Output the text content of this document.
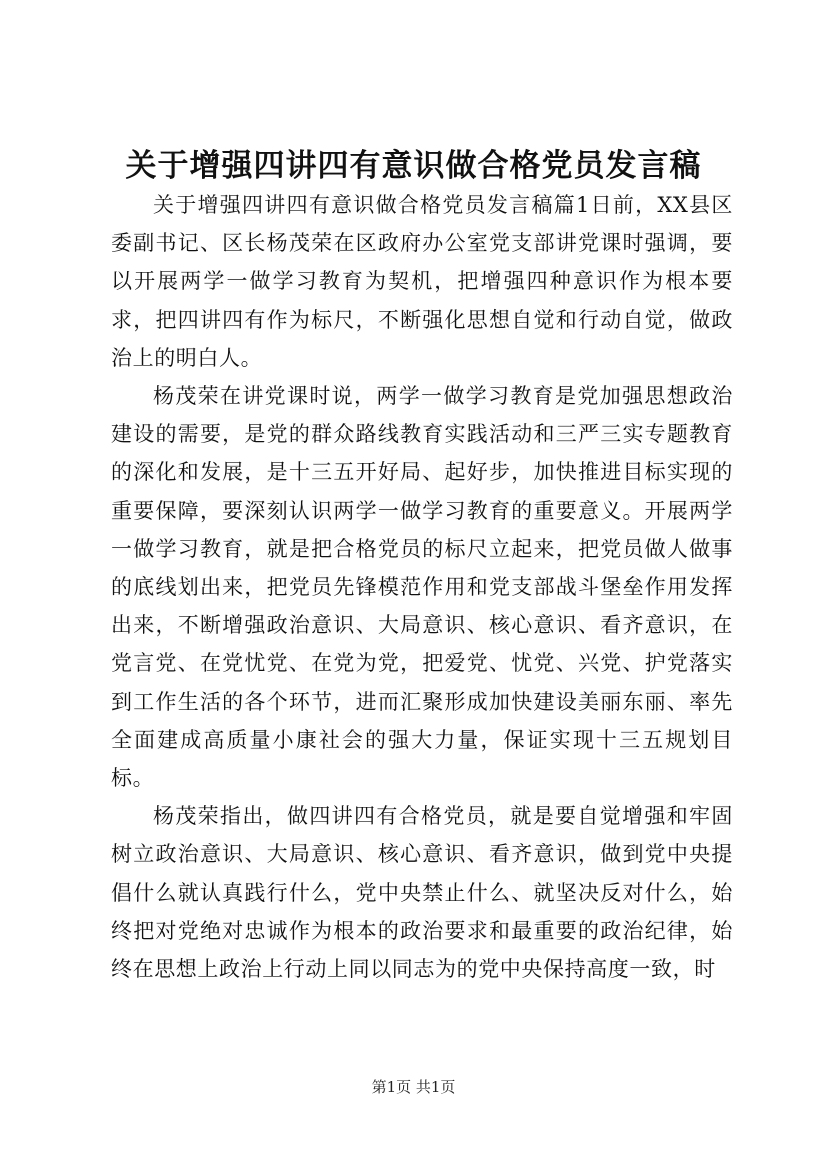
关于增强四讲四有意识做合格党员发言稿

关于增强四讲四有意识做合格党员发言稿篇1日前，XX县区委副书记、区长杨茂荣在区政府办公室党支部讲党课时强调，要以开展两学一做学习教育为契机，把增强四种意识作为根本要求，把四讲四有作为标尺，不断强化思想自觉和行动自觉，做政治上的明白人。

杨茂荣在讲党课时说，两学一做学习教育是党加强思想政治建设的需要，是党的群众路线教育实践活动和三严三实专题教育的深化和发展，是十三五开好局、起好步，加快推进目标实现的重要保障，要深刻认识两学一做学习教育的重要意义。开展两学一做学习教育，就是把合格党员的标尺立起来，把党员做人做事的底线划出来，把党员先锋模范作用和党支部战斗堡垒作用发挥出来，不断增强政治意识、大局意识、核心意识、看齐意识，在党言党、在党忧党、在党为党，把爱党、忧党、兴党、护党落实到工作生活的各个环节，进而汇聚形成加快建设美丽东丽、率先全面建成高质量小康社会的强大力量，保证实现十三五规划目标。

杨茂荣指出，做四讲四有合格党员，就是要自觉增强和牢固树立政治意识、大局意识、核心意识、看齐意识，做到党中央提倡什么就认真践行什么，党中央禁止什么、就坚决反对什么，始终把对党绝对忠诚作为根本的政治要求和最重要的政治纪律，始终在思想上政治上行动上同以同志为的党中央保持高度一致，时

第1页 共1页
